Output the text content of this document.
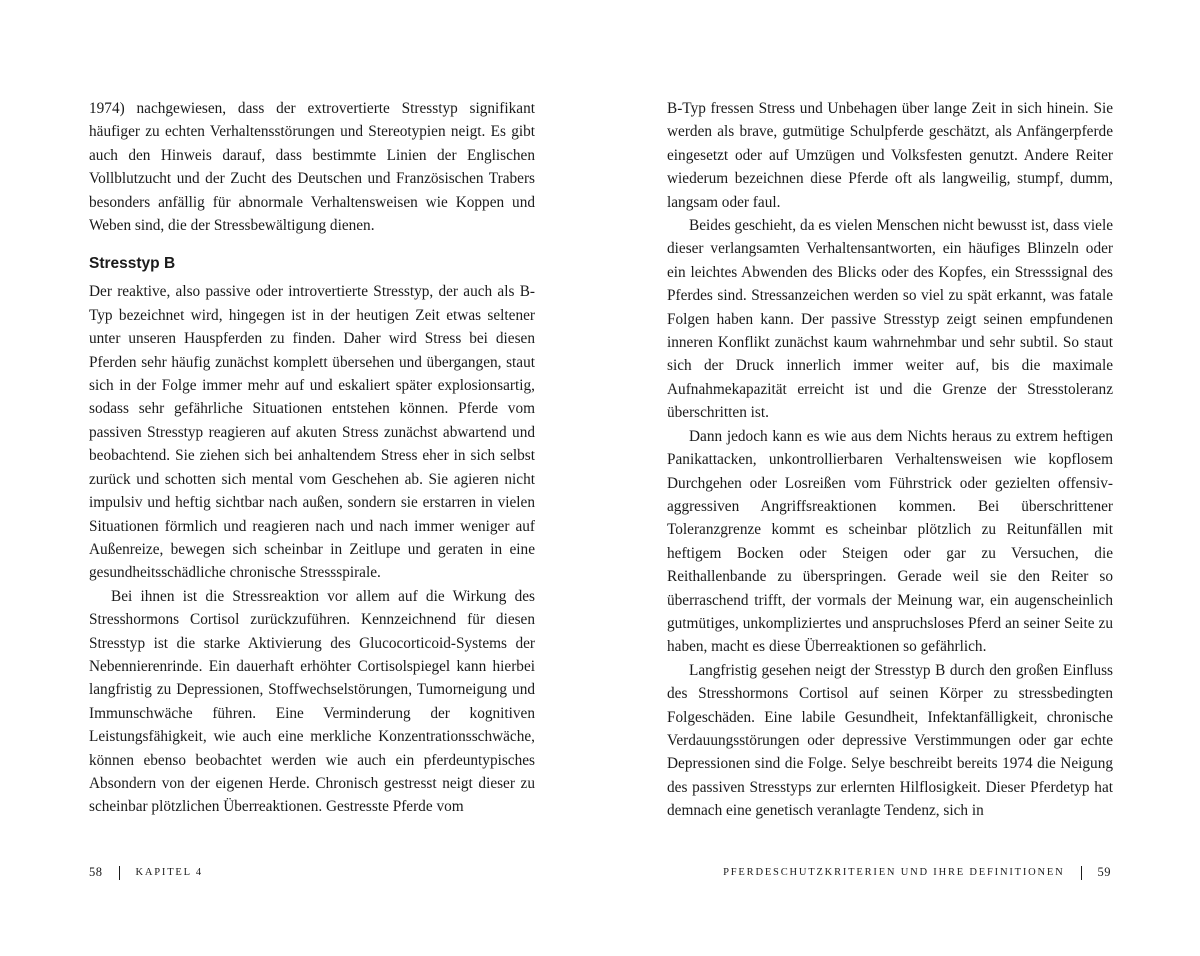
1974) nachgewiesen, dass der extrovertierte Stresstyp signifikant häufiger zu echten Verhaltensstörungen und Stereotypien neigt. Es gibt auch den Hinweis darauf, dass bestimmte Linien der Englischen Vollblutzucht und der Zucht des Deutschen und Französischen Trabers besonders anfällig für abnormale Verhaltensweisen wie Koppen und Weben sind, die der Stressbewältigung dienen.

Stresstyp B

Der reaktive, also passive oder introvertierte Stresstyp, der auch als B-Typ bezeichnet wird, hingegen ist in der heutigen Zeit etwas seltener unter unseren Hauspferden zu finden. Daher wird Stress bei diesen Pferden sehr häufig zunächst komplett übersehen und übergangen, staut sich in der Folge immer mehr auf und eskaliert später explosionsartig, sodass sehr gefährliche Situationen entstehen können. Pferde vom passiven Stresstyp reagieren auf akuten Stress zunächst abwartend und beobachtend. Sie ziehen sich bei anhaltendem Stress eher in sich selbst zurück und schotten sich mental vom Geschehen ab. Sie agieren nicht impulsiv und heftig sichtbar nach außen, sondern sie erstarren in vielen Situationen förmlich und reagieren nach und nach immer weniger auf Außenreize, bewegen sich scheinbar in Zeitlupe und geraten in eine gesundheitsschädliche chronische Stressspirale.

Bei ihnen ist die Stressreaktion vor allem auf die Wirkung des Stresshormons Cortisol zurückzuführen. Kennzeichnend für diesen Stresstyp ist die starke Aktivierung des Glucocorticoid-Systems der Nebennierenrinde. Ein dauerhaft erhöhter Cortisolspiegel kann hierbei langfristig zu Depressionen, Stoffwechselstörungen, Tumorneigung und Immunschwäche führen. Eine Verminderung der kognitiven Leistungsfähigkeit, wie auch eine merkliche Konzentrationsschwäche, können ebenso beobachtet werden wie auch ein pferdeuntypisches Absondern von der eigenen Herde. Chronisch gestresst neigt dieser zu scheinbar plötzlichen Überreaktionen. Gestresste Pferde vom

B-Typ fressen Stress und Unbehagen über lange Zeit in sich hinein. Sie werden als brave, gutmütige Schulpferde geschätzt, als Anfängerpferde eingesetzt oder auf Umzügen und Volksfesten genutzt. Andere Reiter wiederum bezeichnen diese Pferde oft als langweilig, stumpf, dumm, langsam oder faul.

Beides geschieht, da es vielen Menschen nicht bewusst ist, dass viele dieser verlangsamten Verhaltensantworten, ein häufiges Blinzeln oder ein leichtes Abwenden des Blicks oder des Kopfes, ein Stresssignal des Pferdes sind. Stressanzeichen werden so viel zu spät erkannt, was fatale Folgen haben kann. Der passive Stresstyp zeigt seinen empfundenen inneren Konflikt zunächst kaum wahrnehmbar und sehr subtil. So staut sich der Druck innerlich immer weiter auf, bis die maximale Aufnahmekapazität erreicht ist und die Grenze der Stresstoleranz überschritten ist.

Dann jedoch kann es wie aus dem Nichts heraus zu extrem heftigen Panikattacken, unkontrollierbaren Verhaltensweisen wie kopflosem Durchgehen oder Losreißen vom Führstrick oder gezielten offensiv-aggressiven Angriffsreaktionen kommen. Bei überschrittener Toleranzgrenze kommt es scheinbar plötzlich zu Reitunfällen mit heftigem Bocken oder Steigen oder gar zu Versuchen, die Reithallenbande zu überspringen. Gerade weil sie den Reiter so überraschend trifft, der vormals der Meinung war, ein augenscheinlich gutmütiges, unkompliziertes und anspruchsloses Pferd an seiner Seite zu haben, macht es diese Überreaktionen so gefährlich.

Langfristig gesehen neigt der Stresstyp B durch den großen Einfluss des Stresshormons Cortisol auf seinen Körper zu stressbedingten Folgeschäden. Eine labile Gesundheit, Infektanfälligkeit, chronische Verdauungsstörungen oder depressive Verstimmungen oder gar echte Depressionen sind die Folge. Selye beschreibt bereits 1974 die Neigung des passiven Stresstyps zur erlernten Hilflosigkeit. Dieser Pferdetyp hat demnach eine genetisch veranlagte Tendenz, sich in

58	KAPITEL 4	PFERDESCHUTZKRITERIEN UND IHRE DEFINITIONEN	59
